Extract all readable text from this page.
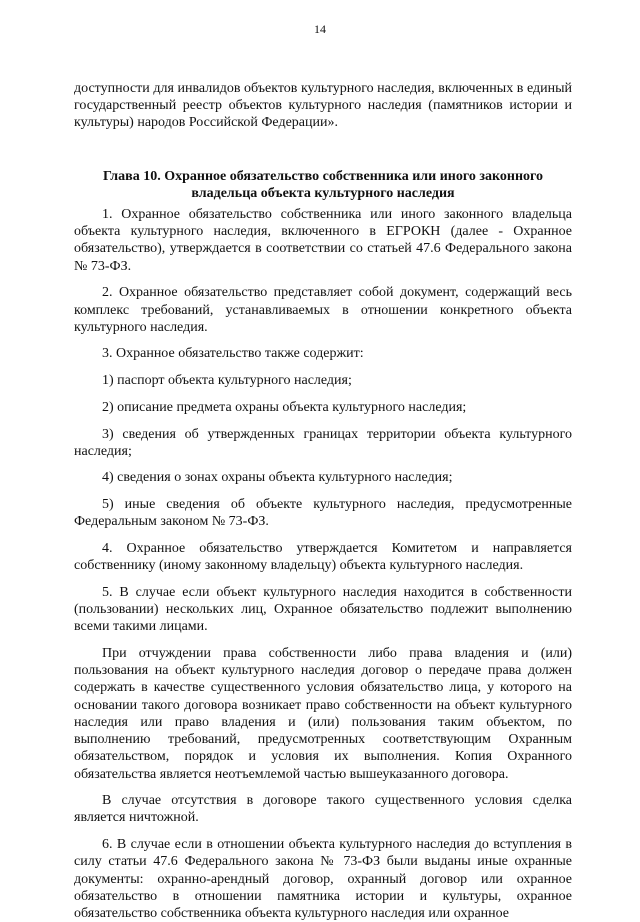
14

доступности для инвалидов объектов культурного наследия, включенных в единый государственный реестр объектов культурного наследия (памятников истории и культуры) народов Российской Федерации».

Глава 10. Охранное обязательство собственника или иного законного владельца объекта культурного наследия

1. Охранное обязательство собственника или иного законного владельца объекта культурного наследия, включенного в ЕГРОКН (далее - Охранное обязательство), утверждается в соответствии со статьей 47.6 Федерального закона № 73-ФЗ.

2. Охранное обязательство представляет собой документ, содержащий весь комплекс требований, устанавливаемых в отношении конкретного объекта культурного наследия.

3. Охранное обязательство также содержит:

1) паспорт объекта культурного наследия;

2) описание предмета охраны объекта культурного наследия;

3) сведения об утвержденных границах территории объекта культурного наследия;

4) сведения о зонах охраны объекта культурного наследия;

5) иные сведения об объекте культурного наследия, предусмотренные Федеральным законом № 73-ФЗ.

4. Охранное обязательство утверждается Комитетом и направляется собственнику (иному законному владельцу) объекта культурного наследия.

5. В случае если объект культурного наследия находится в собственности (пользовании) нескольких лиц, Охранное обязательство подлежит выполнению всеми такими лицами.

При отчуждении права собственности либо права владения и (или) пользования на объект культурного наследия договор о передаче права должен содержать в качестве существенного условия обязательство лица, у которого на основании такого договора возникает право собственности на объект культурного наследия или право владения и (или) пользования таким объектом, по выполнению требований, предусмотренных соответствующим Охранным обязательством, порядок и условия их выполнения. Копия Охранного обязательства является неотъемлемой частью вышеуказанного договора.

В случае отсутствия в договоре такого существенного условия сделка является ничтожной.

6. В случае если в отношении объекта культурного наследия до вступления в силу статьи 47.6 Федерального закона № 73-ФЗ были выданы иные охранные документы: охранно-арендный договор, охранный договор или охранное обязательство в отношении памятника истории и культуры, охранное обязательство собственника объекта культурного наследия или охранное
